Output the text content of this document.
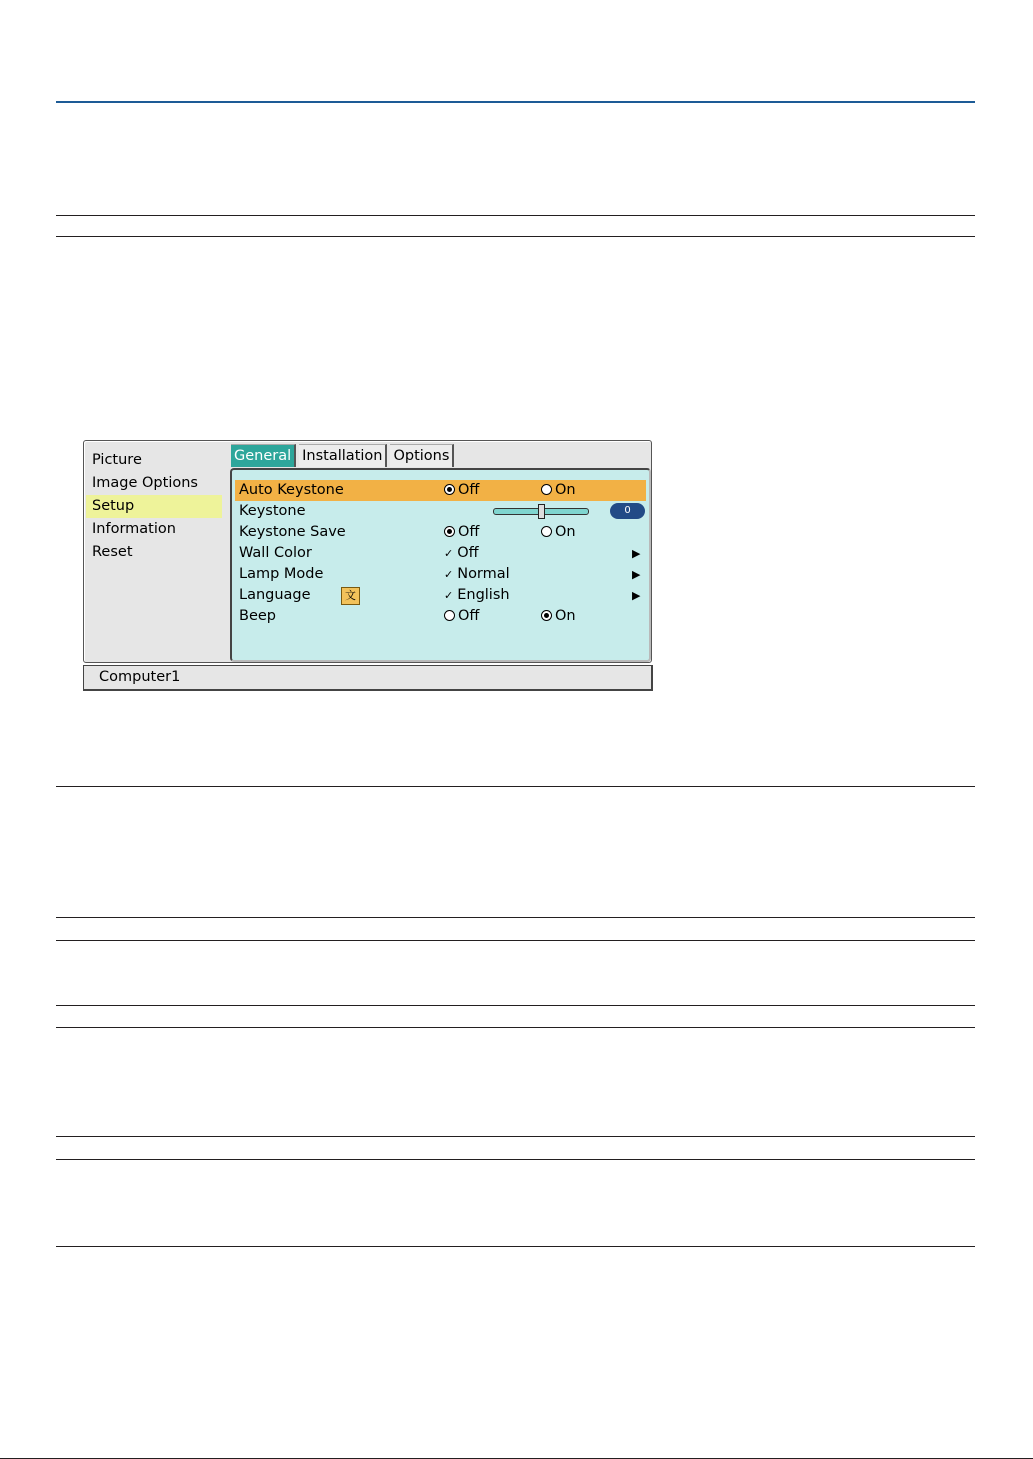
Picture
Image Options
Setup
Information
Reset
General Installation Options
Auto Keystone	Off	On
Keystone	0
Keystone Save	Off	On
Wall Color	✓ Off	▶
Lamp Mode	✓ Normal	▶
Language	文	✓ English	▶
Beep	Off	On
Computer1
